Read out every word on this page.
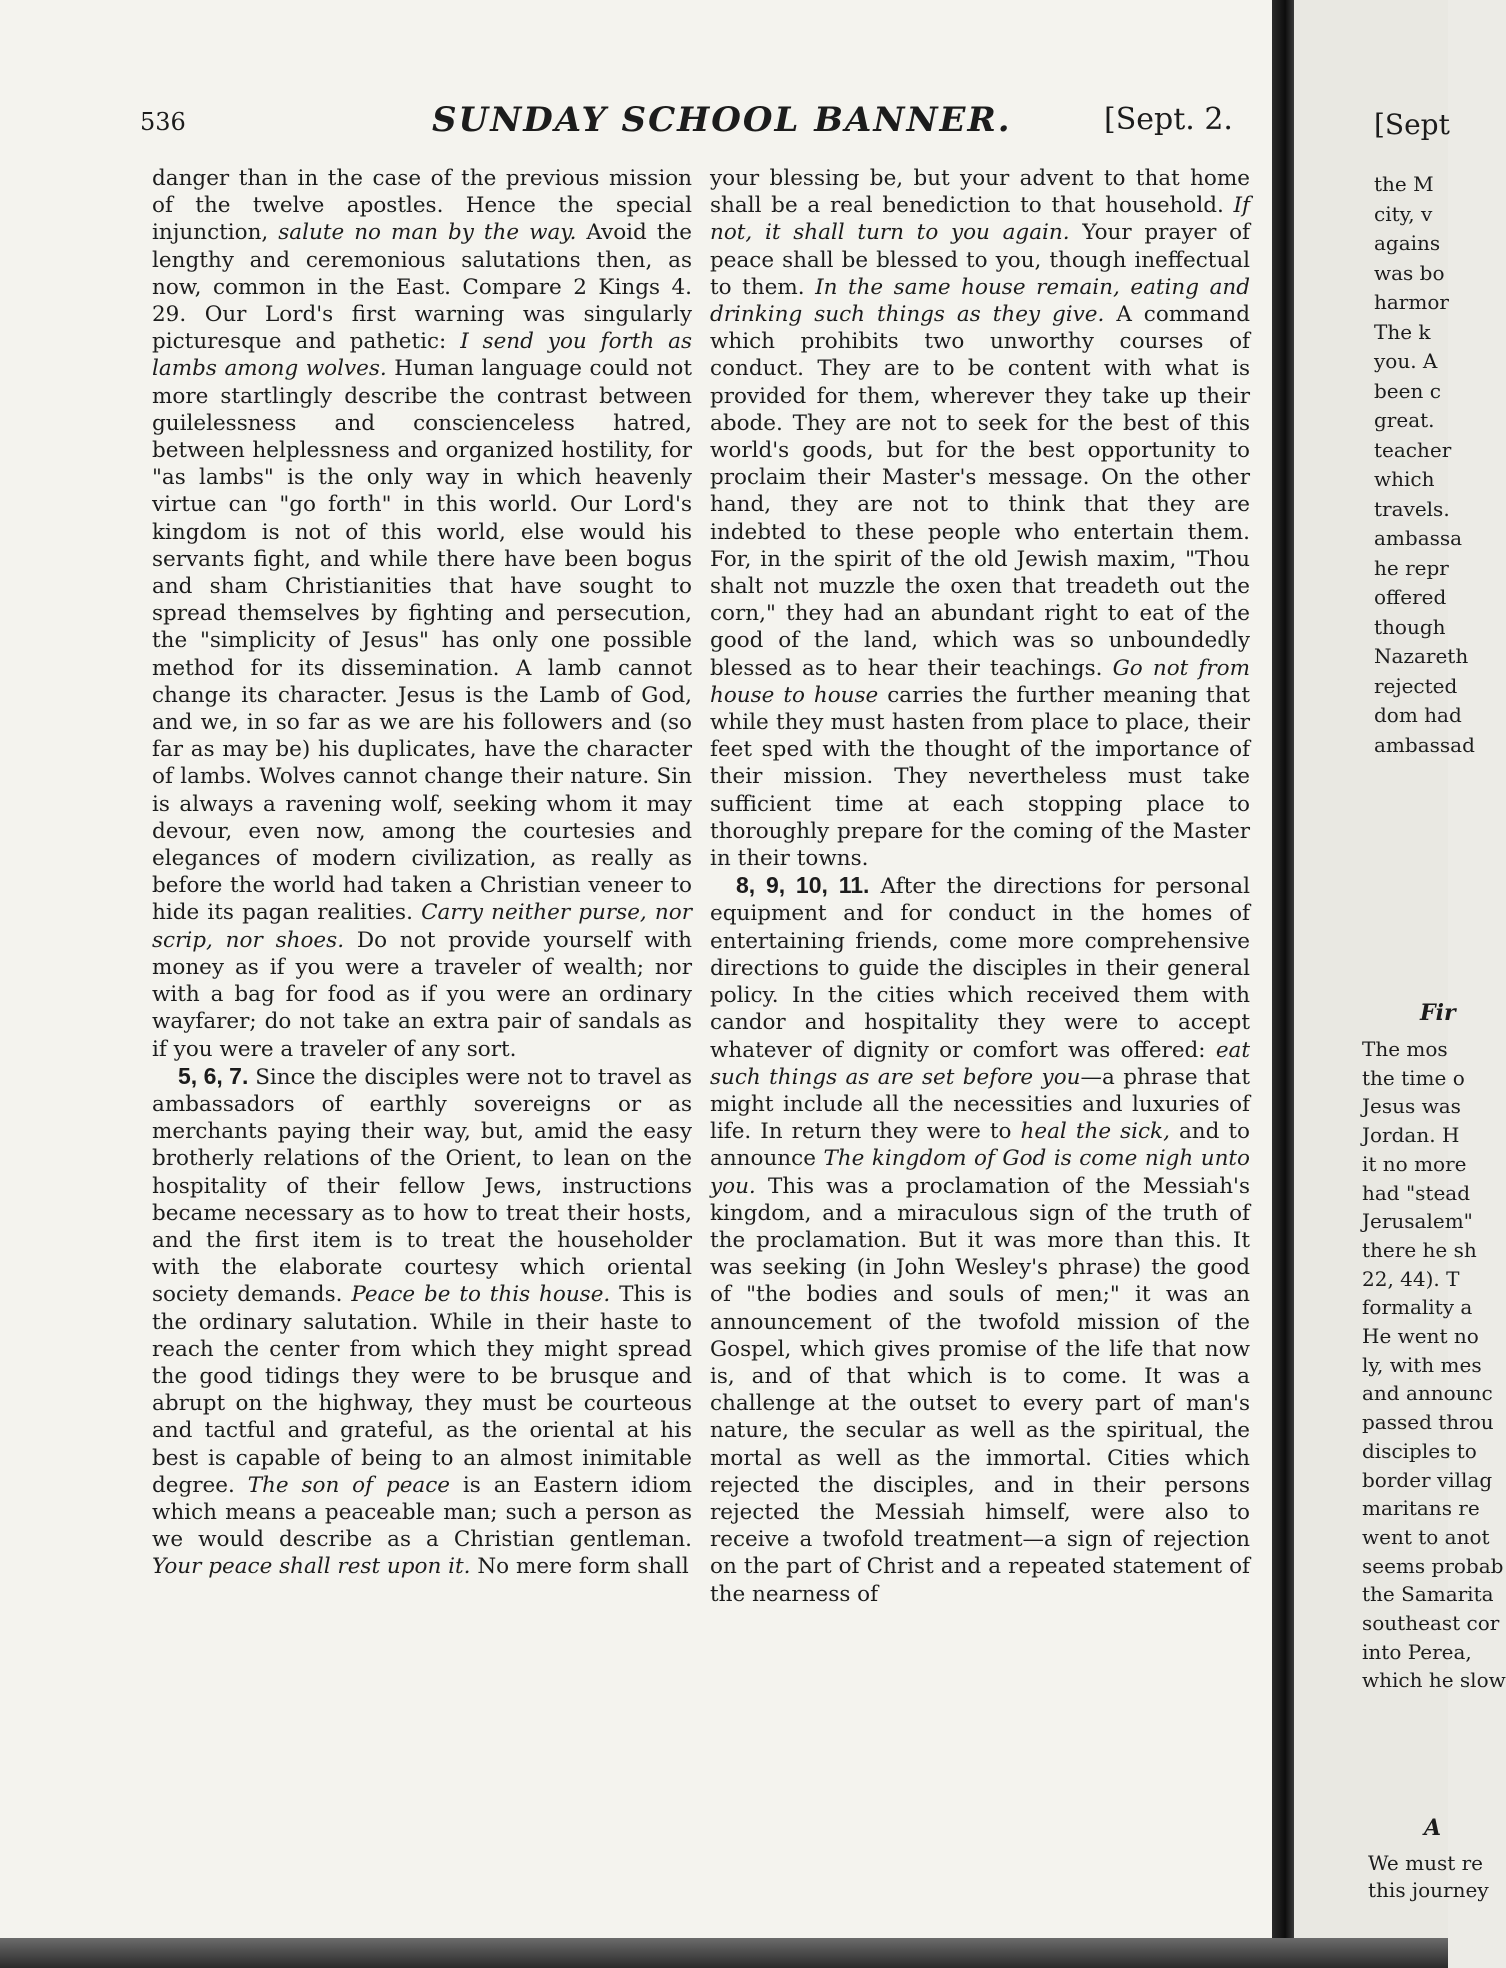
536	SUNDAY SCHOOL BANNER.	[Sept. 2.

danger than in the case of the previous mission of the twelve apostles. Hence the special injunction, salute no man by the way. Avoid the lengthy and ceremonious salutations then, as now, common in the East. Compare 2 Kings 4. 29. Our Lord's first warning was singularly picturesque and pathetic: I send you forth as lambs among wolves. Human language could not more startlingly describe the contrast between guilelessness and conscienceless hatred, between helplessness and organized hostility, for "as lambs" is the only way in which heavenly virtue can "go forth" in this world. Our Lord's kingdom is not of this world, else would his servants fight, and while there have been bogus and sham Christianities that have sought to spread themselves by fighting and persecution, the "simplicity of Jesus" has only one possible method for its dissemination. A lamb cannot change its character. Jesus is the Lamb of God, and we, in so far as we are his followers and (so far as may be) his duplicates, have the character of lambs. Wolves cannot change their nature. Sin is always a ravening wolf, seeking whom it may devour, even now, among the courtesies and elegances of modern civilization, as really as before the world had taken a Christian veneer to hide its pagan realities. Carry neither purse, nor scrip, nor shoes. Do not provide yourself with money as if you were a traveler of wealth; nor with a bag for food as if you were an ordinary wayfarer; do not take an extra pair of sandals as if you were a traveler of any sort.

5, 6, 7. Since the disciples were not to travel as ambassadors of earthly sovereigns or as merchants paying their way, but, amid the easy brotherly relations of the Orient, to lean on the hospitality of their fellow Jews, instructions became necessary as to how to treat their hosts, and the first item is to treat the householder with the elaborate courtesy which oriental society demands. Peace be to this house. This is the ordinary salutation. While in their haste to reach the center from which they might spread the good tidings they were to be brusque and abrupt on the highway, they must be courteous and tactful and grateful, as the oriental at his best is capable of being to an almost inimitable degree. The son of peace is an Eastern idiom which means a peaceable man; such a person as we would describe as a Christian gentleman. Your peace shall rest upon it. No mere form shall

your blessing be, but your advent to that home shall be a real benediction to that household. If not, it shall turn to you again. Your prayer of peace shall be blessed to you, though ineffectual to them. In the same house remain, eating and drinking such things as they give. A command which prohibits two unworthy courses of conduct. They are to be content with what is provided for them, wherever they take up their abode. They are not to seek for the best of this world's goods, but for the best opportunity to proclaim their Master's message. On the other hand, they are not to think that they are indebted to these people who entertain them. For, in the spirit of the old Jewish maxim, "Thou shalt not muzzle the oxen that treadeth out the corn," they had an abundant right to eat of the good of the land, which was so unboundedly blessed as to hear their teachings. Go not from house to house carries the further meaning that while they must hasten from place to place, their feet sped with the thought of the importance of their mission. They nevertheless must take sufficient time at each stopping place to thoroughly prepare for the coming of the Master in their towns.

8, 9, 10, 11. After the directions for personal equipment and for conduct in the homes of entertaining friends, come more comprehensive directions to guide the disciples in their general policy. In the cities which received them with candor and hospitality they were to accept whatever of dignity or comfort was offered: eat such things as are set before you—a phrase that might include all the necessities and luxuries of life. In return they were to heal the sick, and to announce The kingdom of God is come nigh unto you. This was a proclamation of the Messiah's kingdom, and a miraculous sign of the truth of the proclamation. But it was more than this. It was seeking (in John Wesley's phrase) the good of "the bodies and souls of men;" it was an announcement of the twofold mission of the Gospel, which gives promise of the life that now is, and of that which is to come. It was a challenge at the outset to every part of man's nature, the secular as well as the spiritual, the mortal as well as the immortal. Cities which rejected the disciples, and in their persons rejected the Messiah himself, were also to receive a twofold treatment—a sign of rejection on the part of Christ and a repeated statement of the nearness of

[Sept
the M
city, v
agains
was bo
harmor
The k
you. A
been c
great.
teacher
which
travels.
ambassa
he repr
offered
though
Nazareth
rejected
dom had
ambassad
Fir
The mos
the time o
Jesus was
Jordan. H
it no more
had "stead
Jerusalem"
there he sh
22, 44). T
formality a
He went no
ly, with mes
and announc
passed throu
disciples to
border villag
maritans re
went to anot
seems probab
the Samarita
southeast cor
into Perea,
which he slow
A
We must re
this journey
